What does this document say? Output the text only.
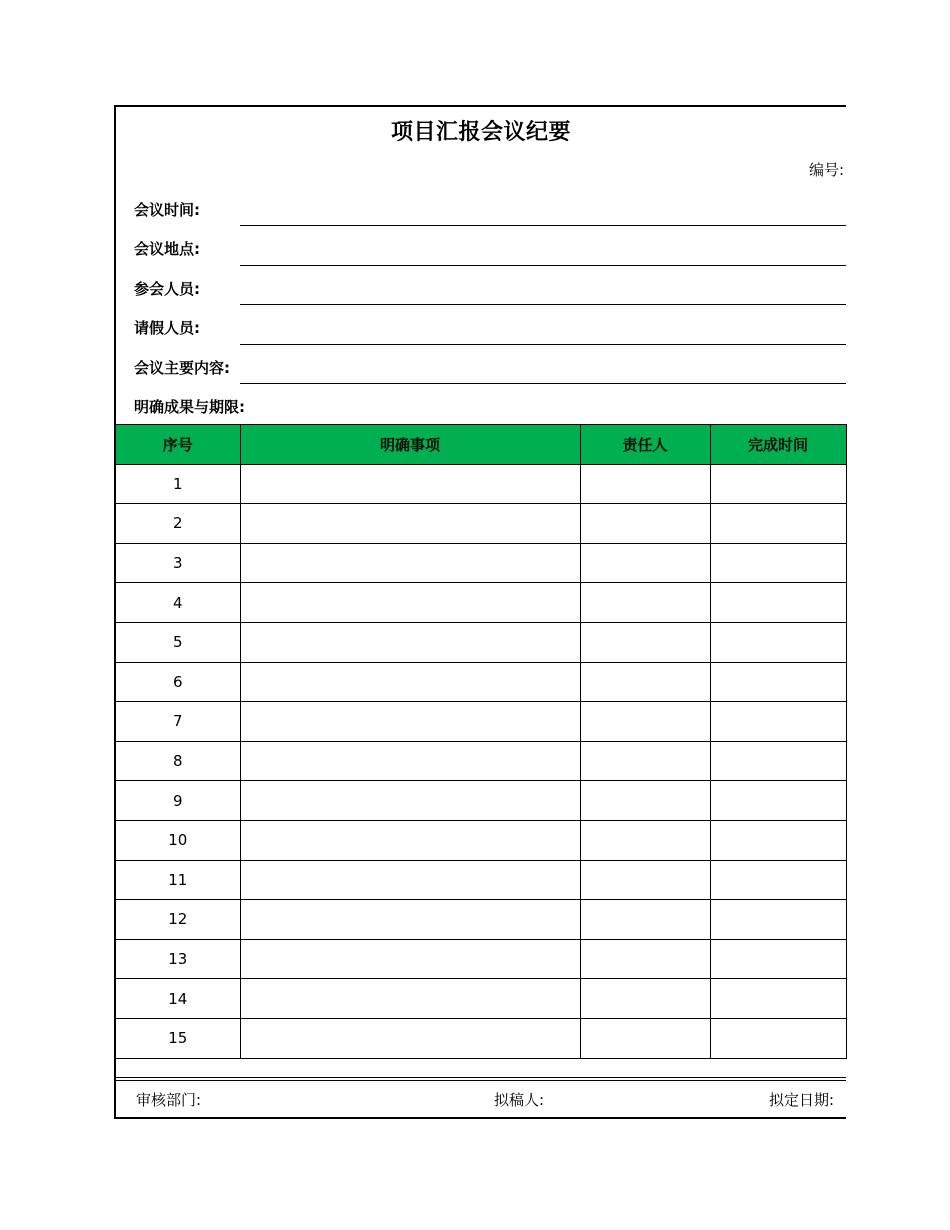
项目汇报会议纪要
编号:
会议时间:
会议地点:
参会人员:
请假人员:
会议主要内容:
明确成果与期限:
序号	明确事项	责任人	完成时间
1			
2			
3			
4			
5			
6			
7			
8			
9			
10			
11			
12			
13			
14			
15			
审核部门:	拟稿人:	拟定日期:
